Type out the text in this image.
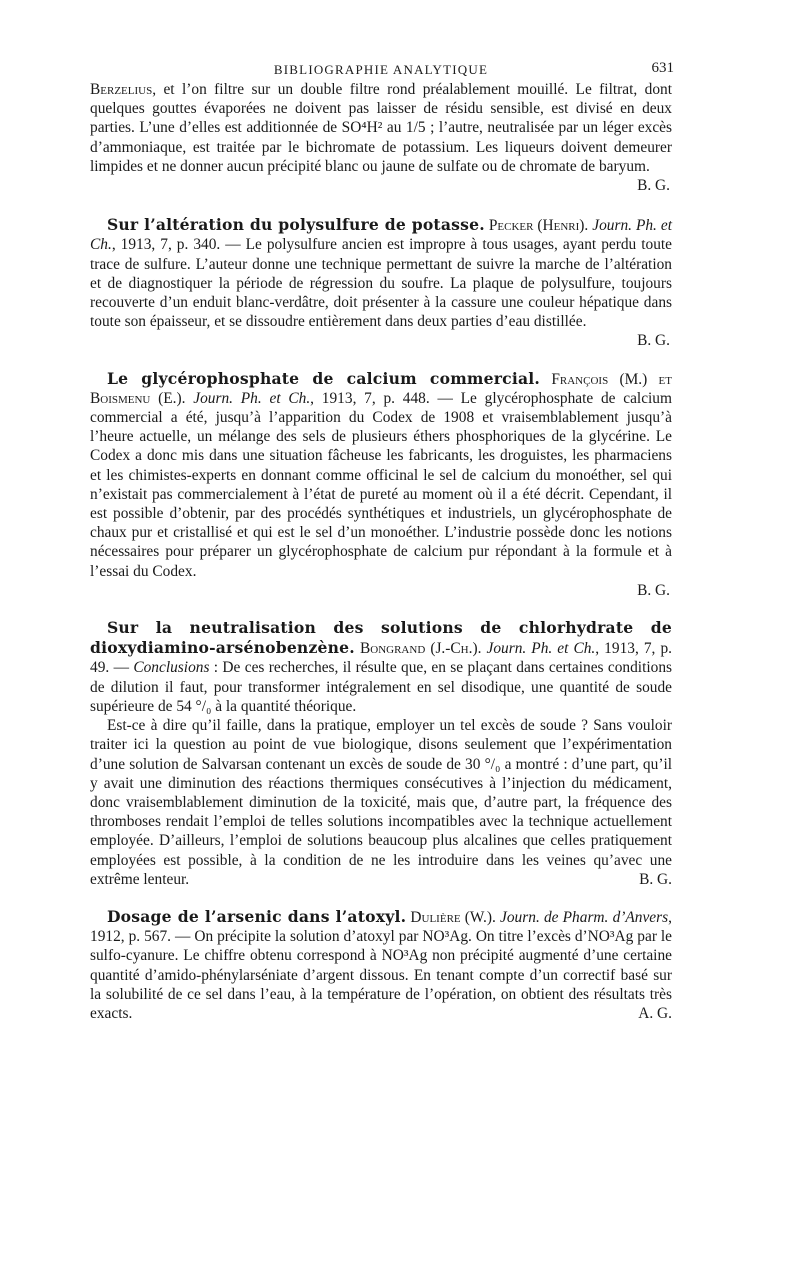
BIBLIOGRAPHIE ANALYTIQUE	631

Berzelius, et l’on filtre sur un double filtre rond préalablement mouillé. Le filtrat, dont quelques gouttes évaporées ne doivent pas laisser de résidu sensible, est divisé en deux parties. L’une d’elles est additionnée de SO⁴H² au 1/5 ; l’autre, neutralisée par un léger excès d’ammoniaque, est traitée par le bichromate de potassium. Les liqueurs doivent demeurer limpides et ne donner aucun précipité blanc ou jaune de sulfate ou de chromate de baryum.

B. G.

Sur l’altération du polysulfure de potasse. Pecker (Henri). Journ. Ph. et Ch., 1913, 7, p. 340. — Le polysulfure ancien est impropre à tous usages, ayant perdu toute trace de sulfure. L’auteur donne une technique permettant de suivre la marche de l’altération et de diagnostiquer la période de régression du soufre. La plaque de polysulfure, toujours recouverte d’un enduit blanc-verdâtre, doit présenter à la cassure une couleur hépatique dans toute son épaisseur, et se dissoudre entièrement dans deux parties d’eau distillée.

B. G.

Le glycérophosphate de calcium commercial. François (M.) et Boismenu (E.). Journ. Ph. et Ch., 1913, 7, p. 448. — Le glycérophosphate de calcium commercial a été, jusqu’à l’apparition du Codex de 1908 et vraisemblablement jusqu’à l’heure actuelle, un mélange des sels de plusieurs éthers phosphoriques de la glycérine. Le Codex a donc mis dans une situation fâcheuse les fabricants, les droguistes, les pharmaciens et les chimistes-experts en donnant comme officinal le sel de calcium du monoéther, sel qui n’existait pas commercialement à l’état de pureté au moment où il a été décrit. Cependant, il est possible d’obtenir, par des procédés synthétiques et industriels, un glycérophosphate de chaux pur et cristallisé et qui est le sel d’un monoéther. L’industrie possède donc les notions nécessaires pour préparer un glycérophosphate de calcium pur répondant à la formule et à l’essai du Codex.

B. G.

Sur la neutralisation des solutions de chlorhydrate de dioxydiamino-arsénobenzène. Bongrand (J.-Ch.). Journ. Ph. et Ch., 1913, 7, p. 49. — Conclusions : De ces recherches, il résulte que, en se plaçant dans certaines conditions de dilution il faut, pour transformer intégralement en sel disodique, une quantité de soude supérieure de 54 °/₀ à la quantité théorique.

Est-ce à dire qu’il faille, dans la pratique, employer un tel excès de soude ? Sans vouloir traiter ici la question au point de vue biologique, disons seulement que l’expérimentation d’une solution de Salvarsan contenant un excès de soude de 30 °/₀ a montré : d’une part, qu’il y avait une diminution des réactions thermiques consécutives à l’injection du médicament, donc vraisemblablement diminution de la toxicité, mais que, d’autre part, la fréquence des thromboses rendait l’emploi de telles solutions incompatibles avec la technique actuellement employée. D’ailleurs, l’emploi de solutions beaucoup plus alcalines que celles pratiquement employées est possible, à la condition de ne les introduire dans les veines qu’avec une extrême lenteur.	B. G.

Dosage de l’arsenic dans l’atoxyl. Dulière (W.). Journ. de Pharm. d’Anvers, 1912, p. 567. — On précipite la solution d’atoxyl par NO³Ag. On titre l’excès d’NO³Ag par le sulfo-cyanure. Le chiffre obtenu correspond à NO³Ag non précipité augmenté d’une certaine quantité d’amido-phénylarséniate d’argent dissous. En tenant compte d’un correctif basé sur la solubilité de ce sel dans l’eau, à la température de l’opération, on obtient des résultats très exacts.	A. G.
